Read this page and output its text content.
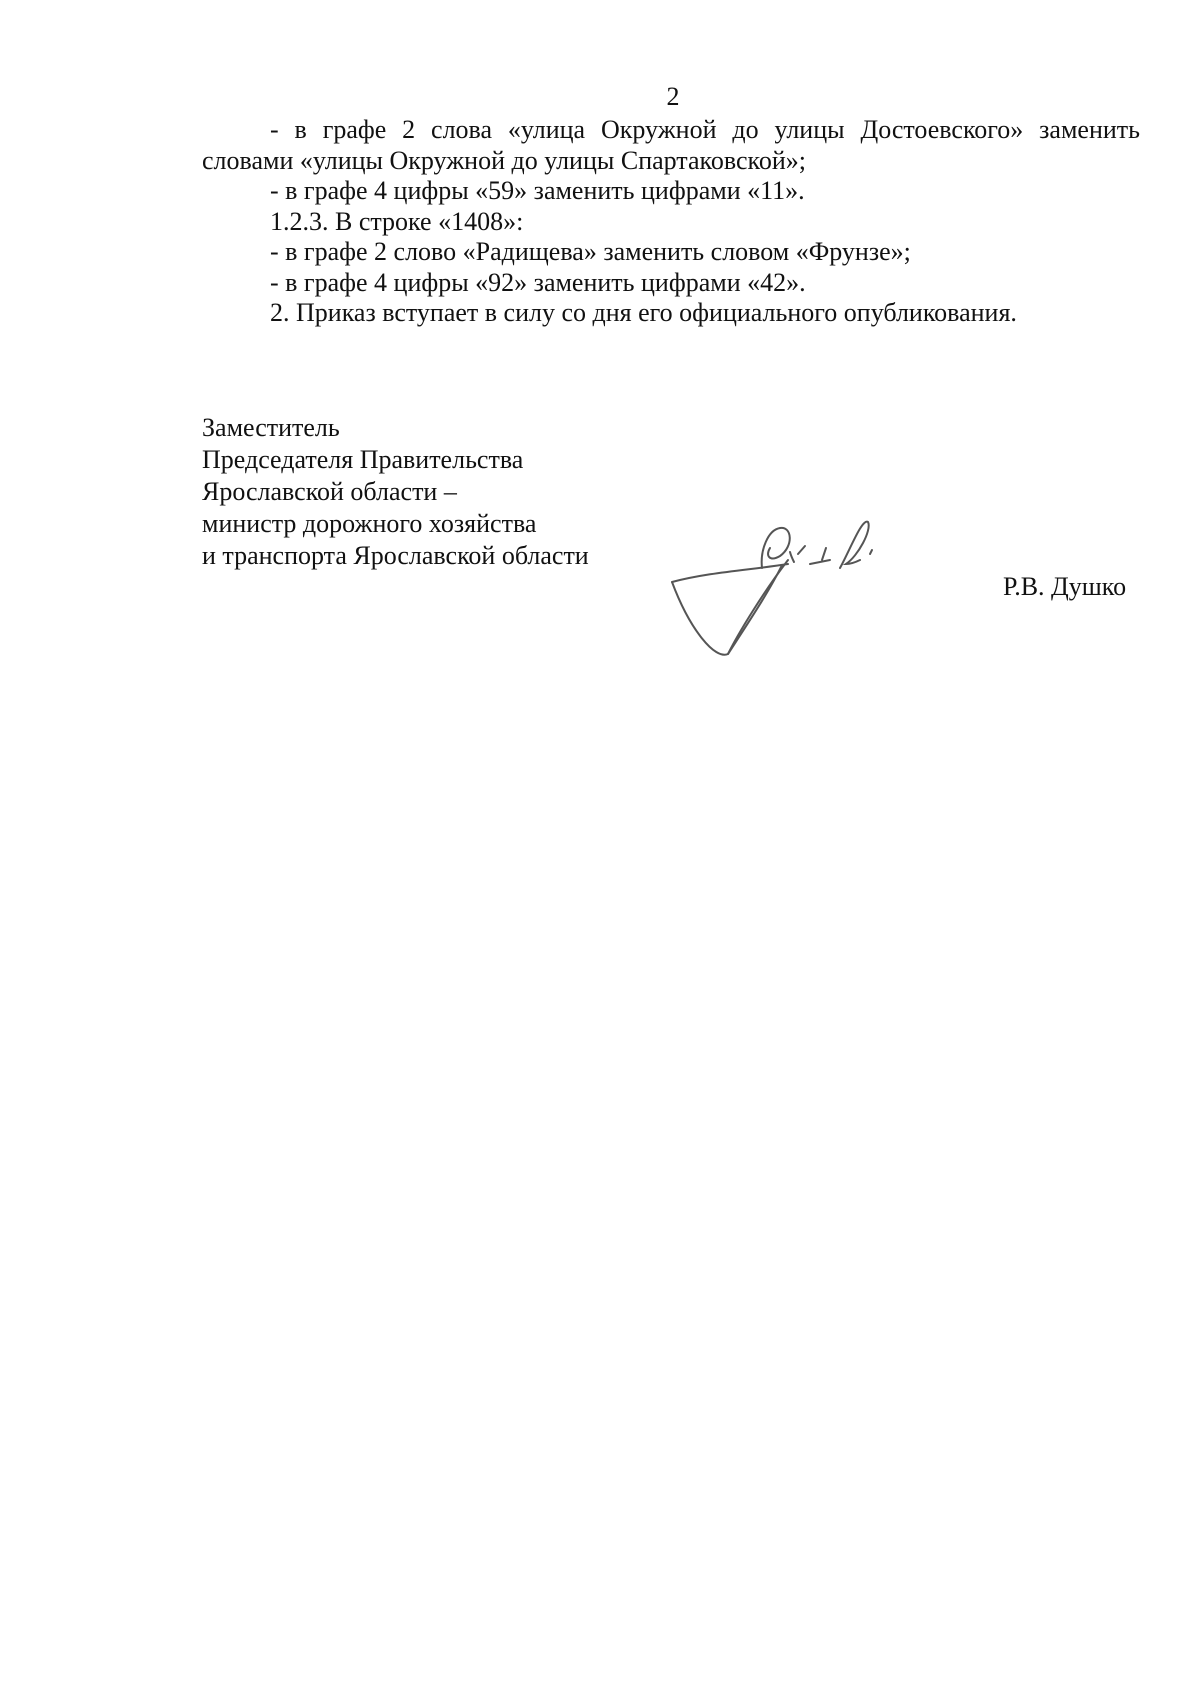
2

- в графе 2 слова «улица Окружной до улицы Достоевского» заменить словами «улицы Окружной до улицы Спартаковской»;

- в графе 4 цифры «59» заменить цифрами «11».

1.2.3. В строке «1408»:

- в графе 2 слово «Радищева» заменить словом «Фрунзе»;

- в графе 4 цифры «92» заменить цифрами «42».

2. Приказ вступает в силу со дня его официального опубликования.

Заместитель
Председателя Правительства
Ярославской области –
министр дорожного хозяйства
и транспорта Ярославской области
Р.В. Душко
